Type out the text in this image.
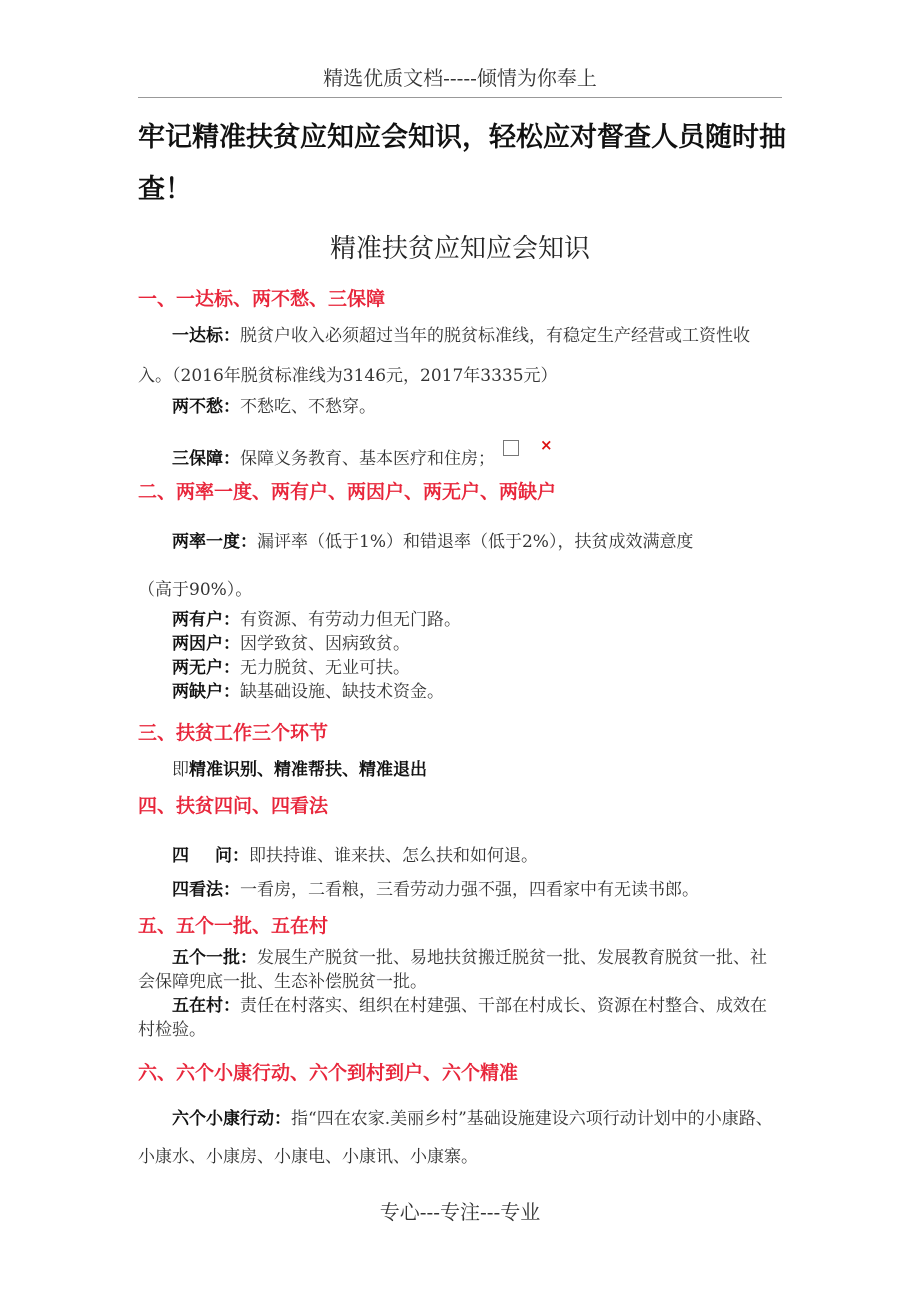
精选优质文档-----倾情为你奉上
牢记精准扶贫应知应会知识，轻松应对督查人员随时抽查！
精准扶贫应知应会知识
一、一达标、两不愁、三保障
一达标：脱贫户收入必须超过当年的脱贫标准线，有稳定生产经营或工资性收入。（2016年脱贫标准线为3146元，2017年3335元）
两不愁：不愁吃、不愁穿。
三保障：保障义务教育、基本医疗和住房；×
二、两率一度、两有户、两因户、两无户、两缺户
两率一度：漏评率（低于1%）和错退率（低于2%），扶贫成效满意度
（高于90%）。
两有户：有资源、有劳动力但无门路。
两因户：因学致贫、因病致贫。
两无户：无力脱贫、无业可扶。
两缺户：缺基础设施、缺技术资金。
三、扶贫工作三个环节
即精准识别、精准帮扶、精准退出
四、扶贫四问、四看法
四 问：即扶持谁、谁来扶、怎么扶和如何退。
四看法：一看房，二看粮，三看劳动力强不强，四看家中有无读书郎。
五、五个一批、五在村
五个一批：发展生产脱贫一批、易地扶贫搬迁脱贫一批、发展教育脱贫一批、社会保障兜底一批、生态补偿脱贫一批。
五在村：责任在村落实、组织在村建强、干部在村成长、资源在村整合、成效在村检验。
六、六个小康行动、六个到村到户、六个精准
六个小康行动：指“四在农家.美丽乡村”基础设施建设六项行动计划中的小康路、小康水、小康房、小康电、小康讯、小康寨。
专心---专注---专业
